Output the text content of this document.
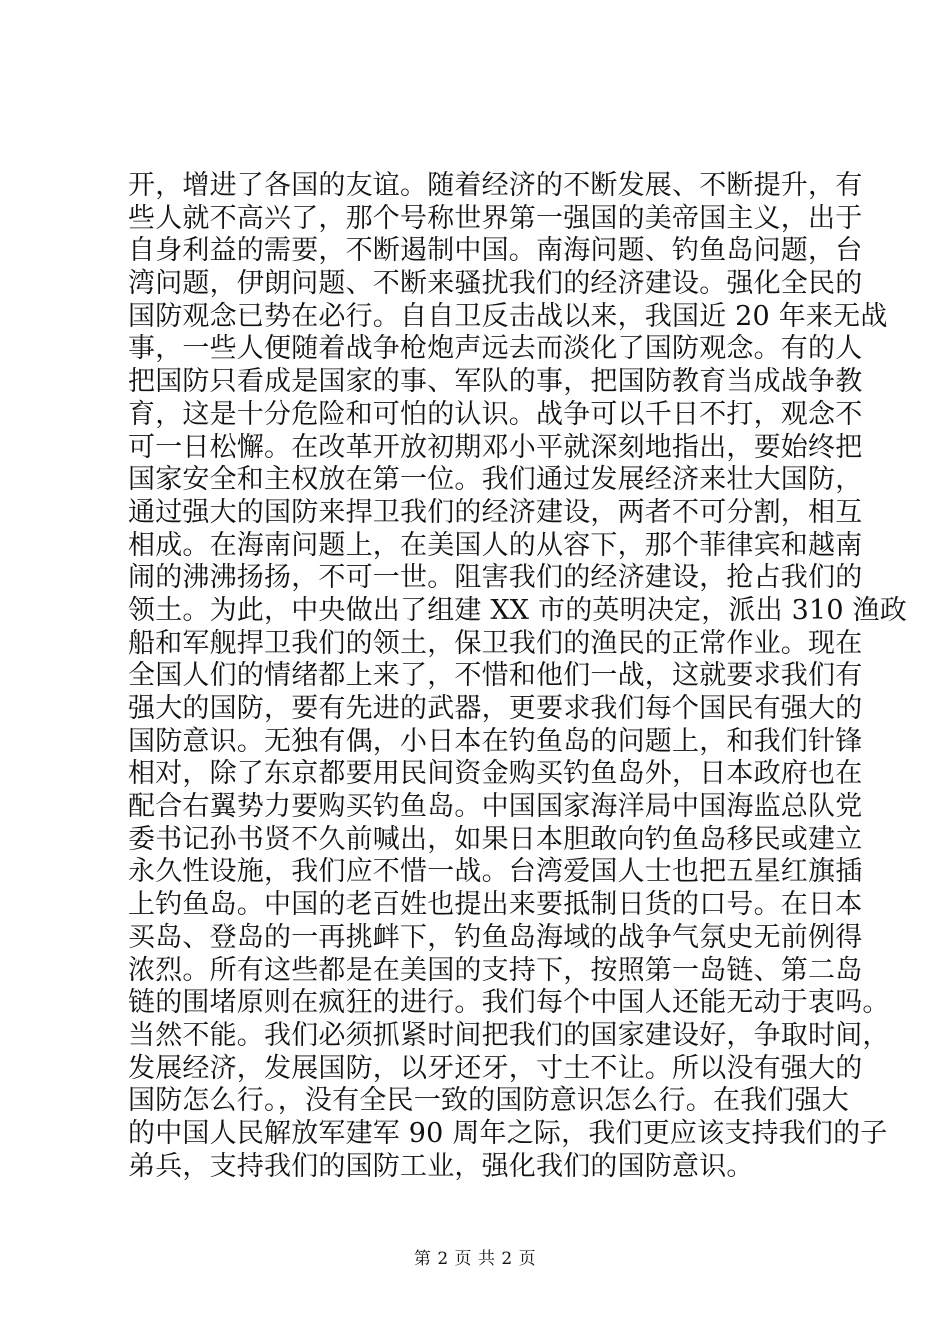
开，增进了各国的友谊。随着经济的不断发展、不断提升，有
些人就不高兴了，那个号称世界第一强国的美帝国主义，出于
自身利益的需要，不断遏制中国。南海问题、钓鱼岛问题，台
湾问题，伊朗问题、不断来骚扰我们的经济建设。强化全民的
国防观念已势在必行。自自卫反击战以来，我国近 20 年来无战
事，一些人便随着战争枪炮声远去而淡化了国防观念。有的人
把国防只看成是国家的事、军队的事，把国防教育当成战争教
育，这是十分危险和可怕的认识。战争可以千日不打，观念不
可一日松懈。在改革开放初期邓小平就深刻地指出，要始终把
国家安全和主权放在第一位。我们通过发展经济来壮大国防，
通过强大的国防来捍卫我们的经济建设，两者不可分割，相互
相成。在海南问题上，在美国人的从容下，那个菲律宾和越南
闹的沸沸扬扬，不可一世。阻害我们的经济建设，抢占我们的
领土。为此，中央做出了组建 XX 市的英明决定，派出 310 渔政
船和军舰捍卫我们的领土，保卫我们的渔民的正常作业。现在
全国人们的情绪都上来了，不惜和他们一战，这就要求我们有
强大的国防，要有先进的武器，更要求我们每个国民有强大的
国防意识。无独有偶，小日本在钓鱼岛的问题上，和我们针锋
相对，除了东京都要用民间资金购买钓鱼岛外，日本政府也在
配合右翼势力要购买钓鱼岛。中国国家海洋局中国海监总队党
委书记孙书贤不久前喊出，如果日本胆敢向钓鱼岛移民或建立
永久性设施，我们应不惜一战。台湾爱国人士也把五星红旗插
上钓鱼岛。中国的老百姓也提出来要抵制日货的口号。在日本
买岛、登岛的一再挑衅下，钓鱼岛海域的战争气氛史无前例得
浓烈。所有这些都是在美国的支持下，按照第一岛链、第二岛
链的围堵原则在疯狂的进行。我们每个中国人还能无动于衷吗。
当然不能。我们必须抓紧时间把我们的国家建设好，争取时间，
发展经济，发展国防，以牙还牙，寸土不让。所以没有强大的
国防怎么行。，没有全民一致的国防意识怎么行。在我们强大
的中国人民解放军建军 90 周年之际，我们更应该支持我们的子
弟兵，支持我们的国防工业，强化我们的国防意识。
第 2 页 共 2 页
